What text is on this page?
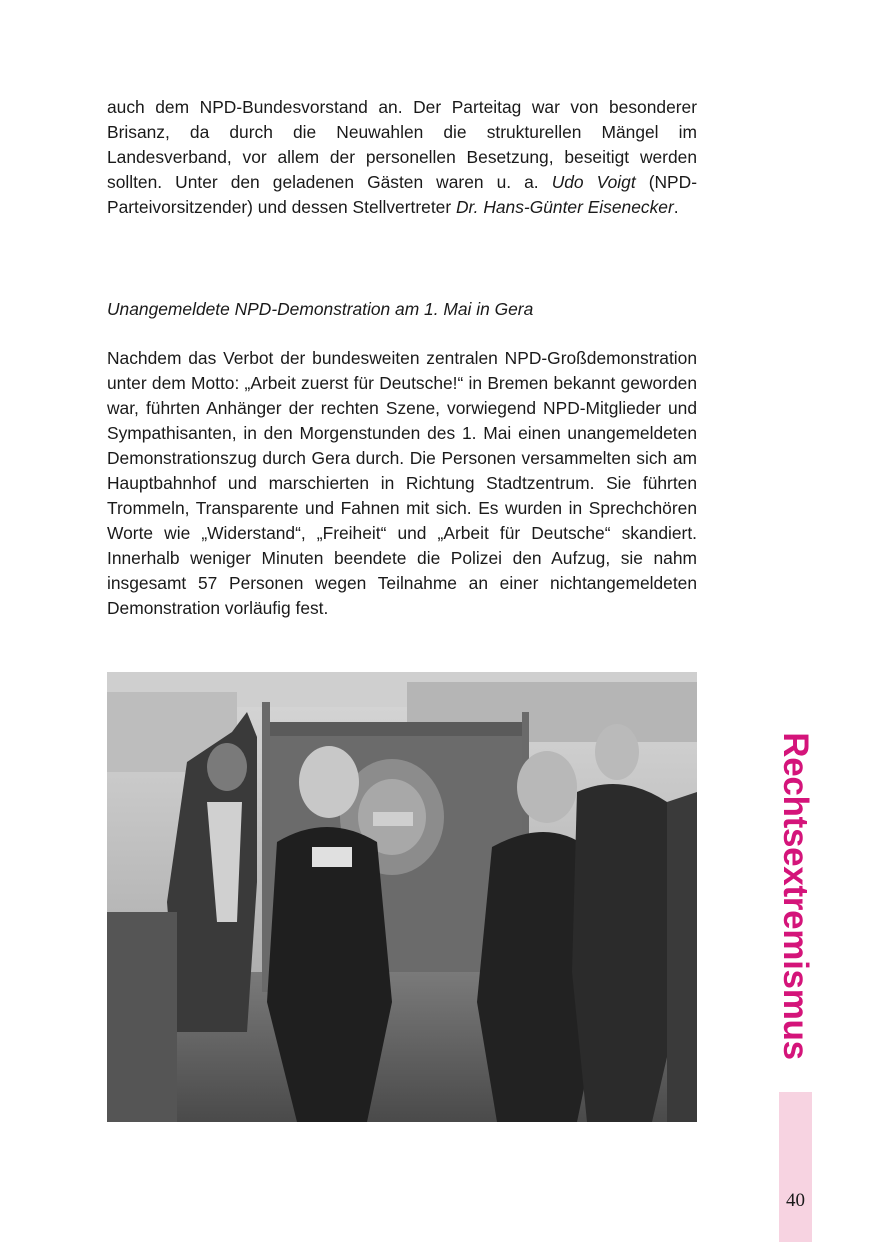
auch dem NPD-Bundesvorstand an. Der Parteitag war von besonderer Brisanz, da durch die Neuwahlen die strukturellen Mängel im Landesverband, vor allem der personellen Besetzung, beseitigt werden sollten. Unter den geladenen Gästen waren u. a. Udo Voigt (NPD-Parteivorsitzender) und dessen Stellvertreter Dr. Hans-Günter Eisenecker.
Unangemeldete NPD-Demonstration am 1. Mai in Gera
Nachdem das Verbot der bundesweiten zentralen NPD-Großdemonstration unter dem Motto: „Arbeit zuerst für Deutsche!“ in Bremen bekannt geworden war, führten Anhänger der rechten Szene, vorwiegend NPD-Mitglieder und Sympathisanten, in den Morgenstunden des 1. Mai einen unangemeldeten Demonstrationszug durch Gera durch. Die Personen versammelten sich am Hauptbahnhof und marschierten in Richtung Stadtzentrum. Sie führten Trommeln, Transparente und Fahnen mit sich. Es wurden in Sprechchören Worte wie „Widerstand“, „Freiheit“ und „Arbeit für Deutsche“ skandiert. Innerhalb weniger Minuten beendete die Polizei den Aufzug, sie nahm insgesamt 57 Personen wegen Teilnahme an einer nichtangemeldeten Demonstration vorläufig fest.
Rechtsextremismus
40
